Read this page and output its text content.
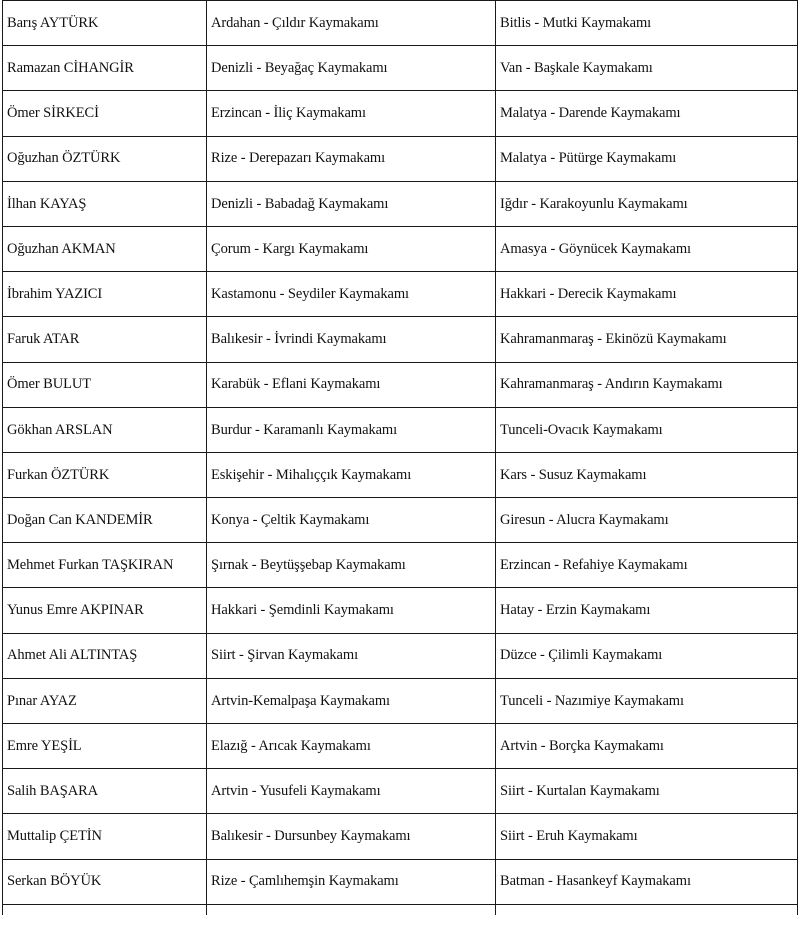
Barış AYTÜRK	Ardahan - Çıldır Kaymakamı	Bitlis - Mutki Kaymakamı
Ramazan CİHANGİR	Denizli - Beyağaç Kaymakamı	Van - Başkale Kaymakamı
Ömer SİRKECİ	Erzincan - İliç Kaymakamı	Malatya - Darende Kaymakamı
Oğuzhan ÖZTÜRK	Rize - Derepazarı Kaymakamı	Malatya - Pütürge Kaymakamı
İlhan KAYAŞ	Denizli - Babadağ Kaymakamı	Iğdır - Karakoyunlu Kaymakamı
Oğuzhan AKMAN	Çorum - Kargı Kaymakamı	Amasya - Göynücek Kaymakamı
İbrahim YAZICI	Kastamonu - Seydiler Kaymakamı	Hakkari - Derecik Kaymakamı
Faruk ATAR	Balıkesir - İvrindi Kaymakamı	Kahramanmaraş - Ekinözü Kaymakamı
Ömer BULUT	Karabük - Eflani Kaymakamı	Kahramanmaraş - Andırın Kaymakamı
Gökhan ARSLAN	Burdur - Karamanlı Kaymakamı	Tunceli-Ovacık Kaymakamı
Furkan ÖZTÜRK	Eskişehir - Mihalıççık Kaymakamı	Kars - Susuz Kaymakamı
Doğan Can KANDEMİR	Konya - Çeltik Kaymakamı	Giresun - Alucra Kaymakamı
Mehmet Furkan TAŞKIRAN	Şırnak - Beytüşşebap Kaymakamı	Erzincan - Refahiye Kaymakamı
Yunus Emre AKPINAR	Hakkari - Şemdinli Kaymakamı	Hatay - Erzin Kaymakamı
Ahmet Ali ALTINTAŞ	Siirt - Şirvan Kaymakamı	Düzce - Çilimli Kaymakamı
Pınar AYAZ	Artvin-Kemalpaşa Kaymakamı	Tunceli - Nazımiye Kaymakamı
Emre YEŞİL	Elazığ - Arıcak Kaymakamı	Artvin - Borçka Kaymakamı
Salih BAŞARA	Artvin - Yusufeli Kaymakamı	Siirt - Kurtalan Kaymakamı
Muttalip ÇETİN	Balıkesir - Dursunbey Kaymakamı	Siirt - Eruh Kaymakamı
Serkan BÖYÜK	Rize - Çamlıhemşin Kaymakamı	Batman - Hasankeyf Kaymakamı
